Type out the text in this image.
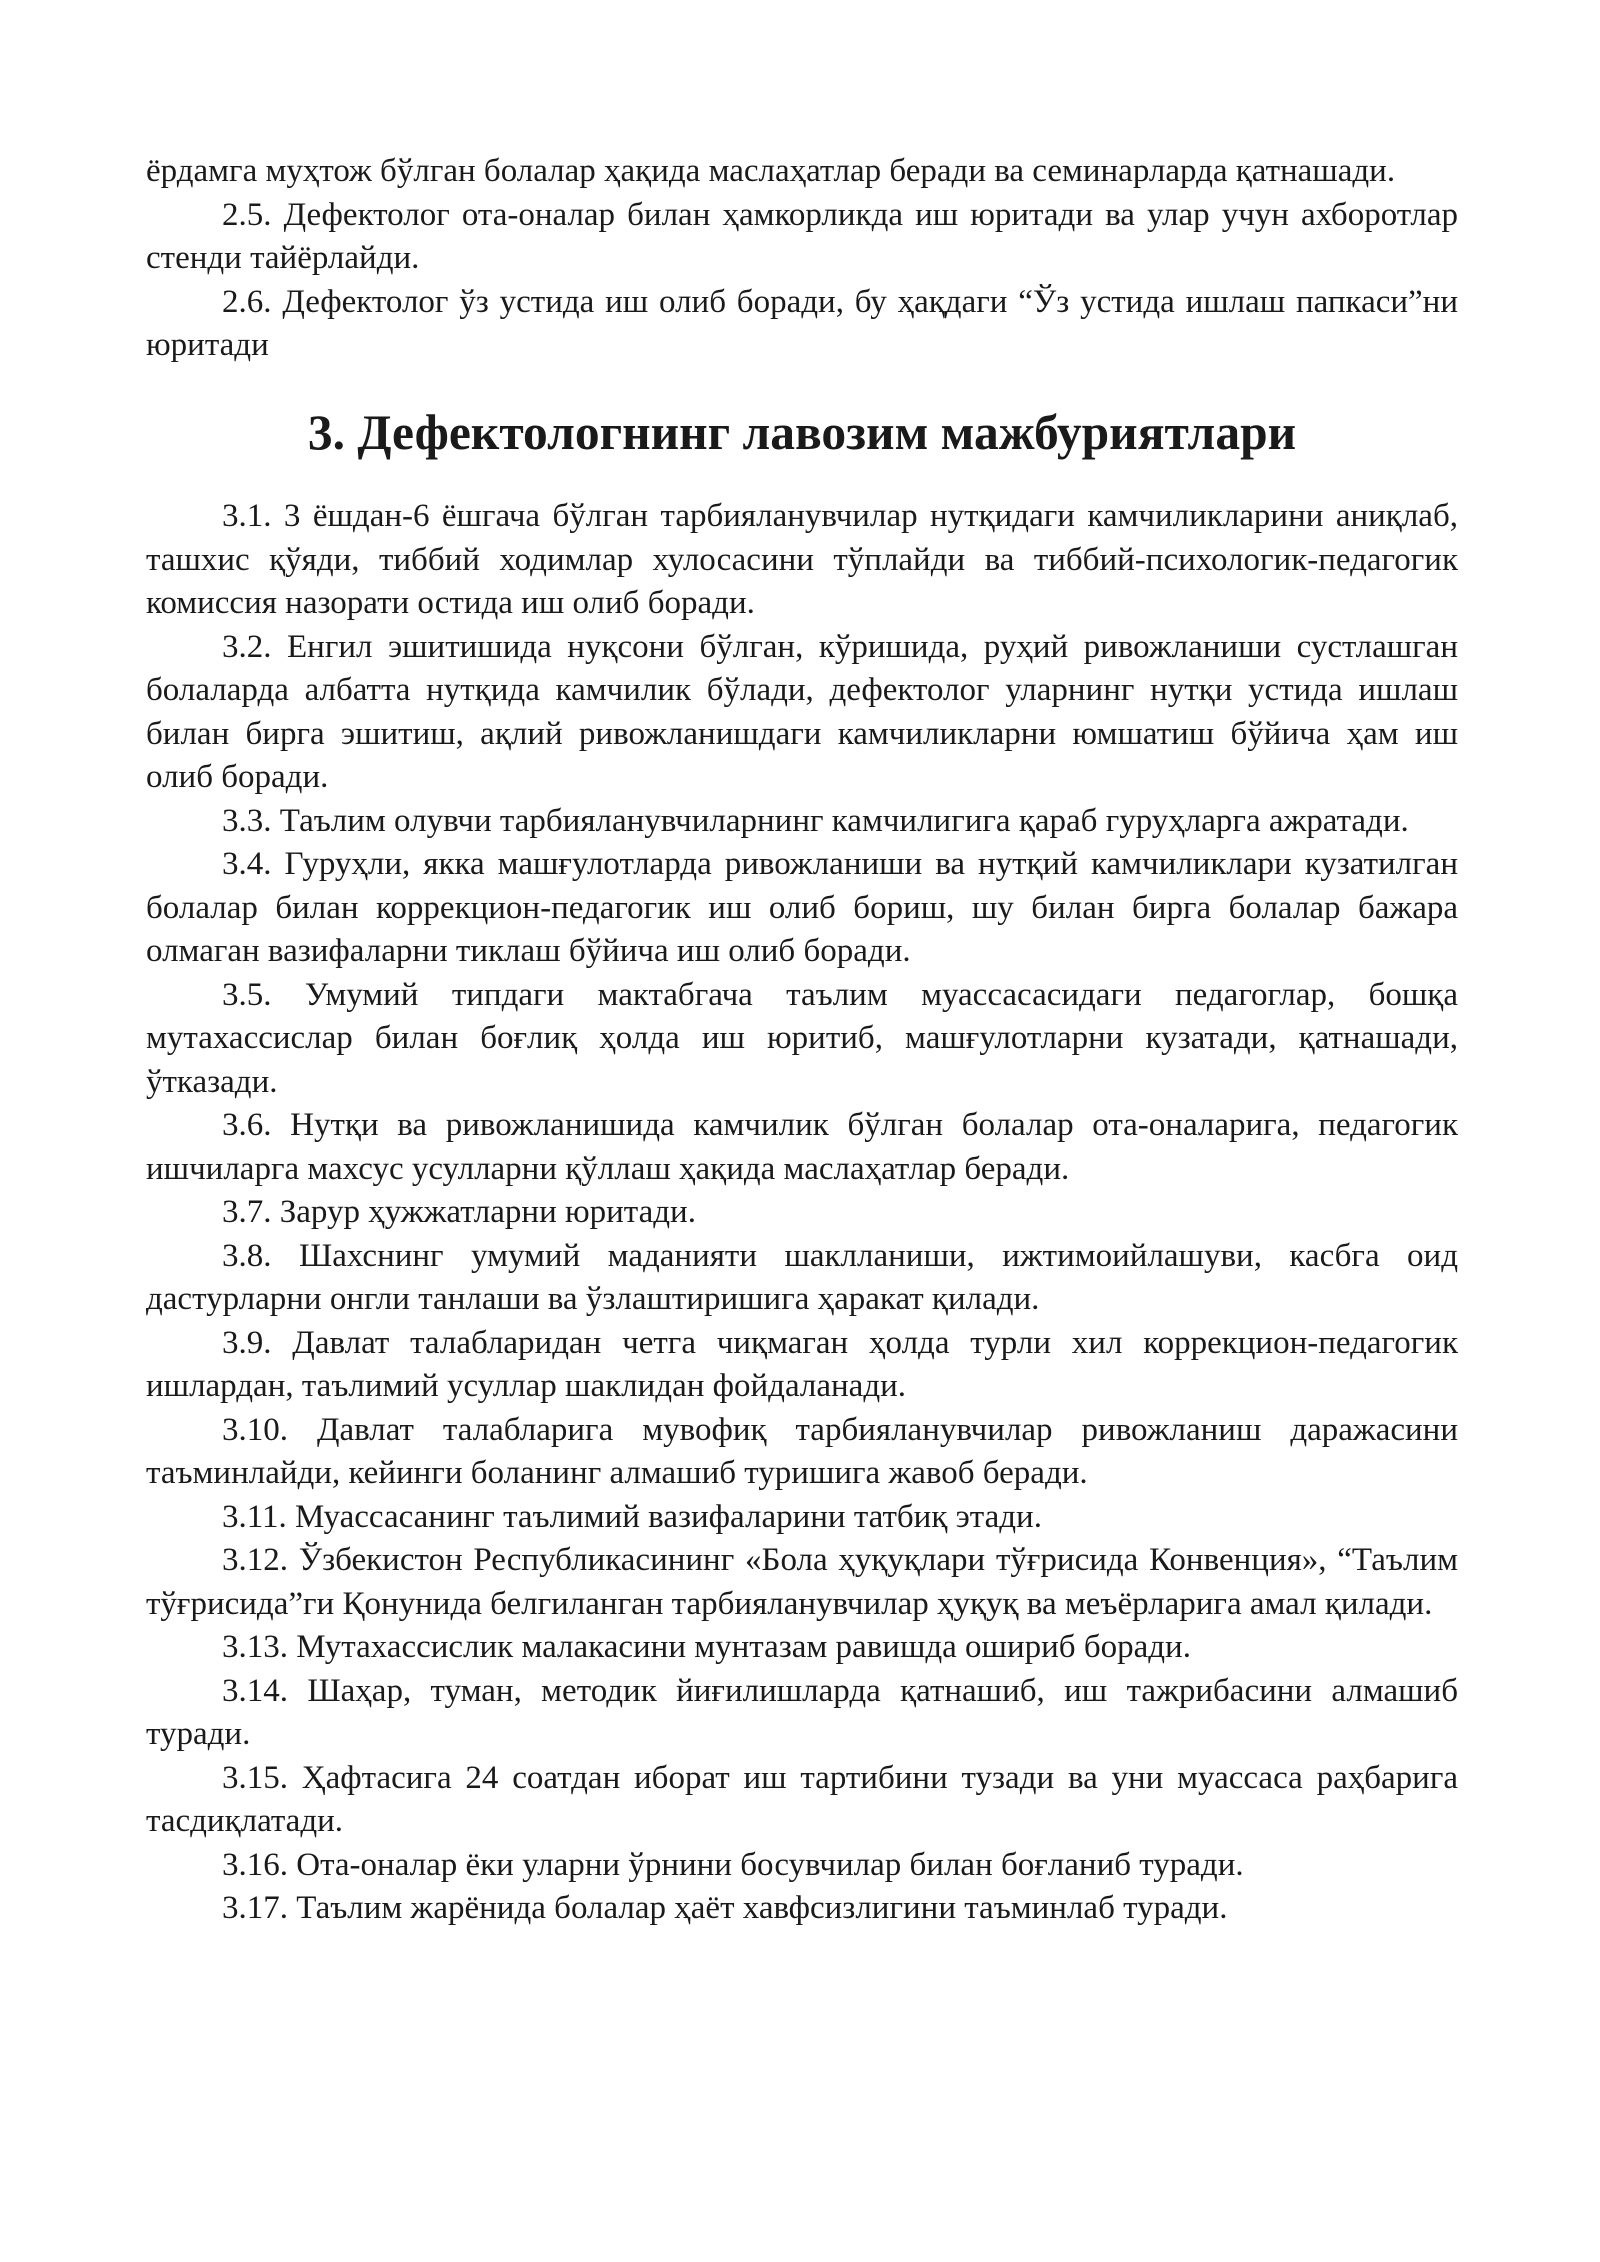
ёрдамга муҳтож бўлган болалар ҳақида маслаҳатлар беради ва семинарларда қатнашади.

2.5. Дефектолог ота-оналар билан ҳамкорликда иш юритади ва улар учун ахборотлар стенди тайёрлайди.

2.6. Дефектолог ўз устида иш олиб боради, бу ҳақдаги “Ўз устида ишлаш папкаси”ни юритади

3. Дефектологнинг лавозим мажбуриятлари

3.1. 3 ёшдан-6 ёшгача бўлган тарбияланувчилар нутқидаги камчиликларини аниқлаб, ташхис қўяди, тиббий ходимлар хулосасини тўплайди ва тиббий-психологик-педагогик комиссия назорати остида иш олиб боради.

3.2. Енгил эшитишида нуқсони бўлган, кўришида, руҳий ривожланиши сустлашган болаларда албатта нутқида камчилик бўлади, дефектолог уларнинг нутқи устида ишлаш билан бирга эшитиш, ақлий ривожланишдаги камчиликларни юмшатиш бўйича ҳам иш олиб боради.

3.3. Таълим олувчи тарбияланувчиларнинг камчилигига қараб гуруҳларга ажратади.

3.4. Гуруҳли, якка машғулотларда ривожланиши ва нутқий камчиликлари кузатилган болалар билан коррекцион-педагогик иш олиб бориш, шу билан бирга болалар бажара олмаган вазифаларни тиклаш бўйича иш олиб боради.

3.5. Умумий типдаги мактабгача таълим муассасасидаги педагоглар, бошқа мутахассислар билан боғлиқ ҳолда иш юритиб, машғулотларни кузатади, қатнашади, ўтказади.

3.6. Нутқи ва ривожланишида камчилик бўлган болалар ота-оналарига, педагогик ишчиларга махсус усулларни қўллаш ҳақида маслаҳатлар беради.

3.7. Зарур ҳужжатларни юритади.

3.8. Шахснинг умумий маданияти шаклланиши, ижтимоийлашуви, касбга оид дастурларни онгли танлаши ва ўзлаштиришига ҳаракат қилади.

3.9. Давлат талабларидан четга чиқмаган ҳолда турли хил коррекцион-педагогик ишлардан, таълимий усуллар шаклидан фойдаланади.

3.10. Давлат талабларига мувофиқ тарбияланувчилар ривожланиш даражасини таъминлайди, кейинги боланинг алмашиб туришига жавоб беради.

3.11. Муассасанинг таълимий вазифаларини татбиқ этади.

3.12. Ўзбекистон Республикасининг «Бола ҳуқуқлари тўғрисида Конвенция», “Таълим тўғрисида”ги Қонунида белгиланган тарбияланувчилар ҳуқуқ ва меъёрларига амал қилади.

3.13. Мутахассислик малакасини мунтазам равишда ошириб боради.

3.14. Шаҳар, туман, методик йиғилишларда қатнашиб, иш тажрибасини алмашиб туради.

3.15. Ҳафтасига 24 соатдан иборат иш тартибини тузади ва уни муассаса раҳбарига тасдиқлатади.

3.16. Ота-оналар ёки уларни ўрнини босувчилар билан боғланиб туради.

3.17. Таълим жарёнида болалар ҳаёт хавфсизлигини таъминлаб туради.
